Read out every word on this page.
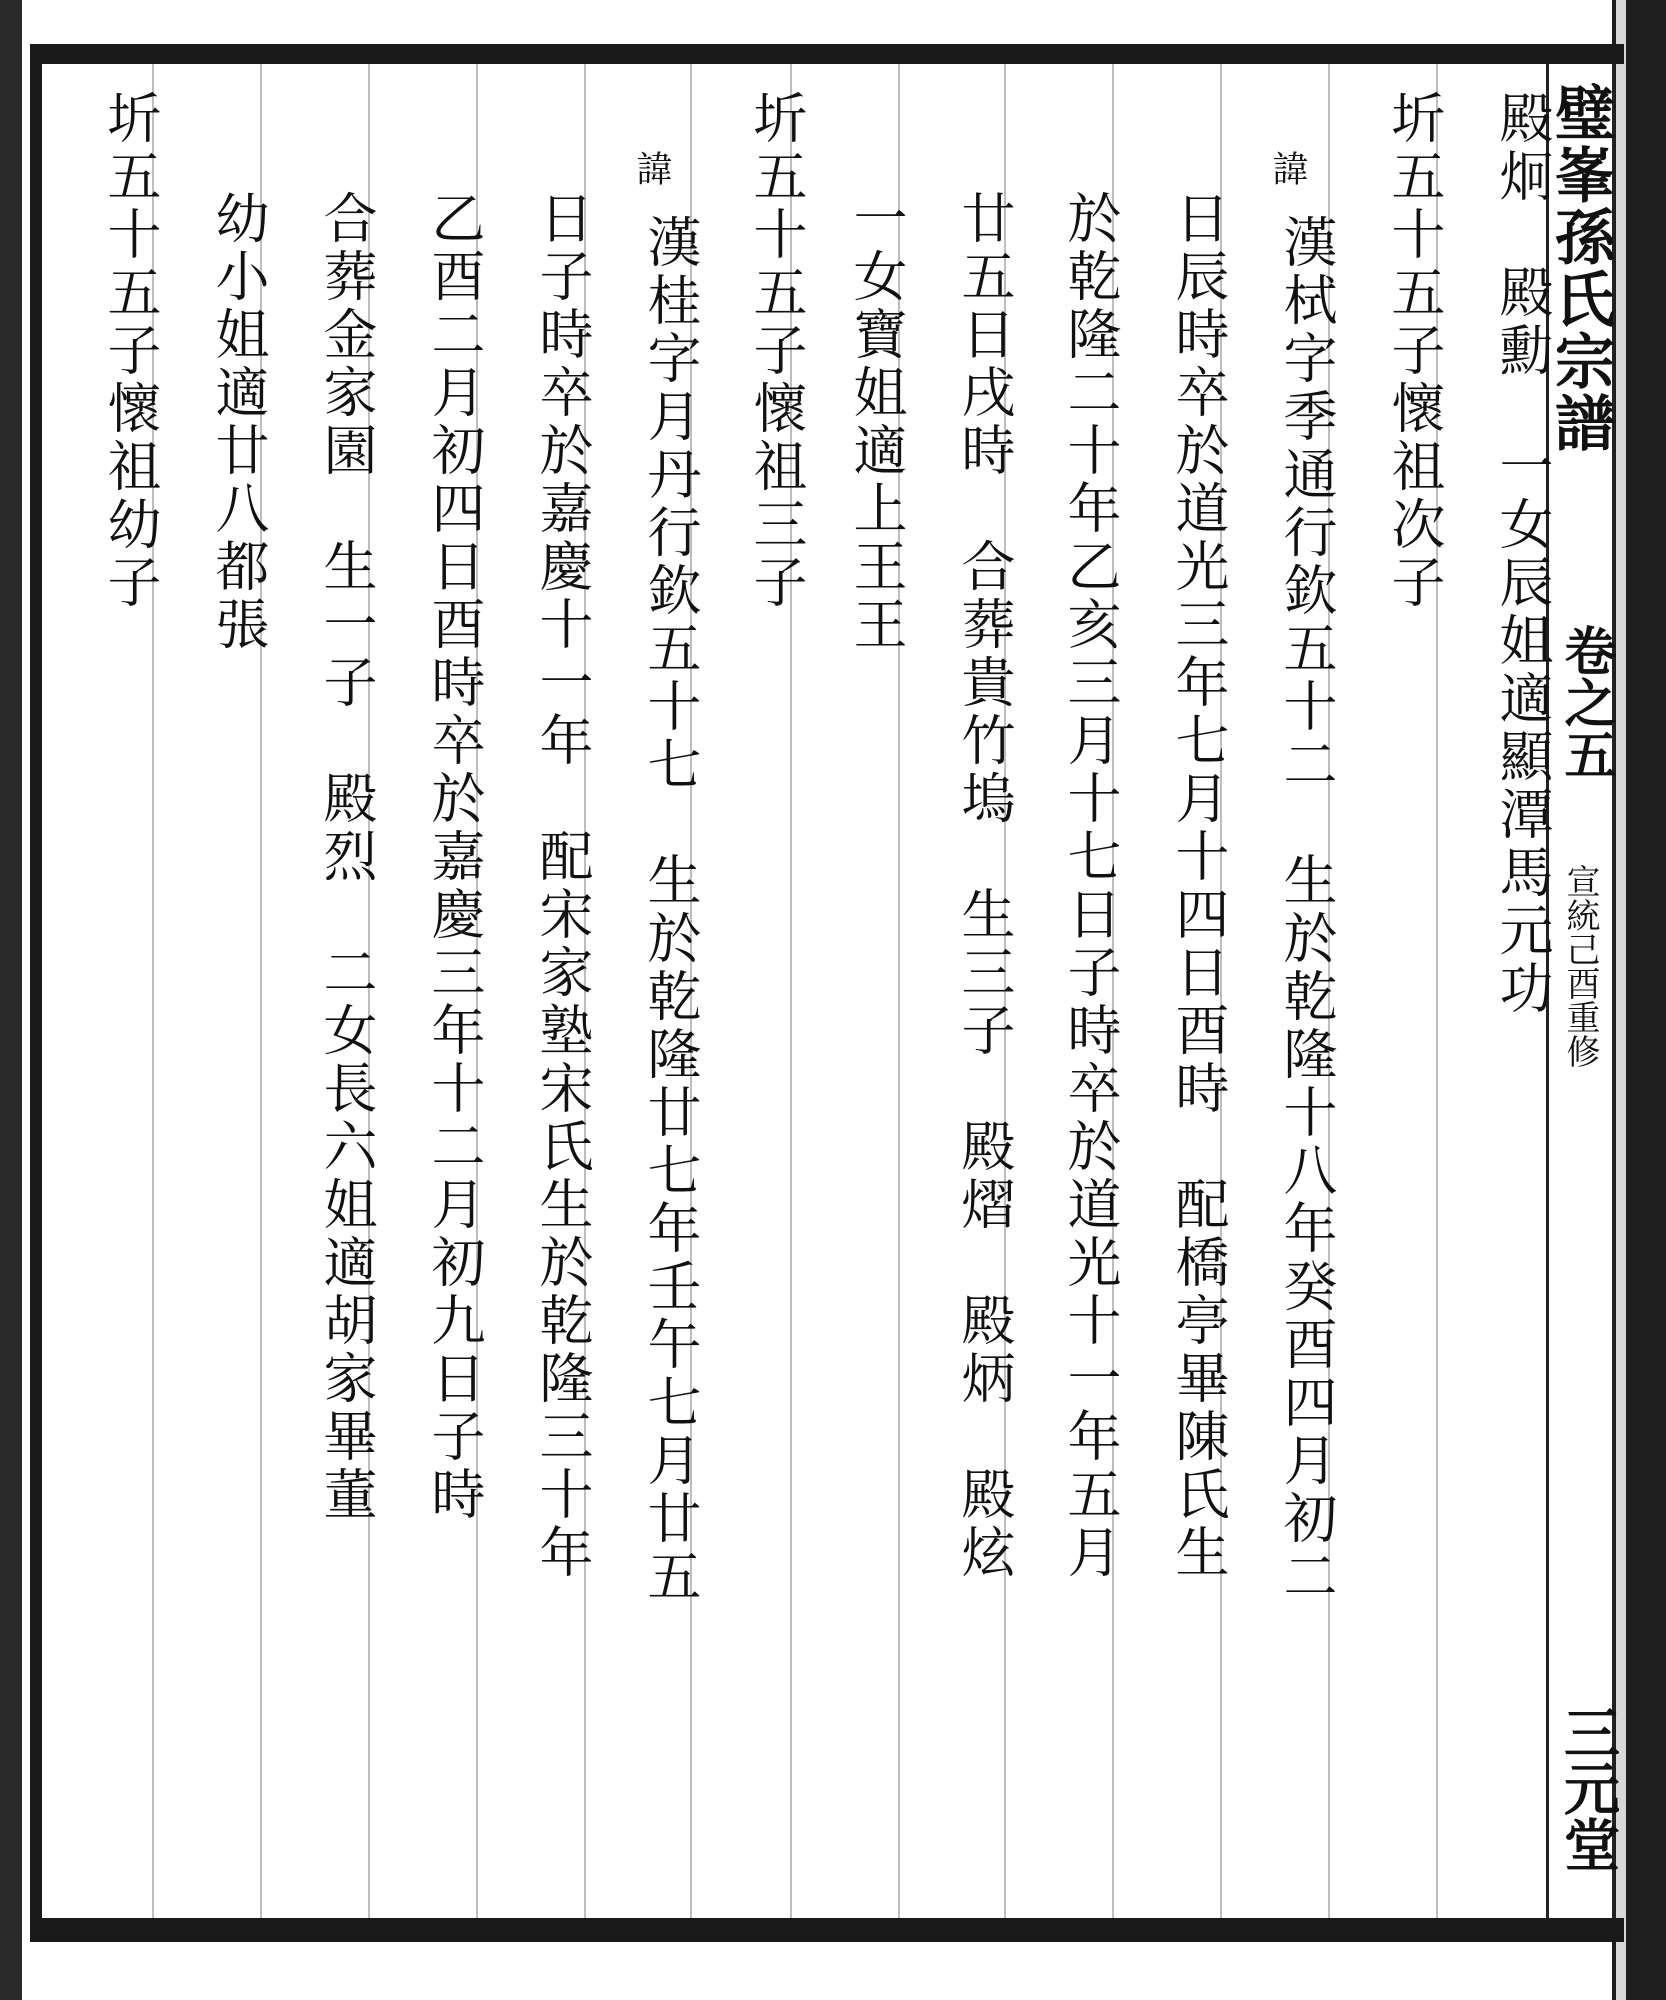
殿炯　殿勳　一女辰姐適顯潭馬元功
圻五十五子懷祖次子
諱
漢栻字季通行欽五十二　生於乾隆十八年癸酉四月初二
日辰時卒於道光三年七月十四日酉時　配橋亭畢陳氏生
於乾隆二十年乙亥三月十七日子時卒於道光十一年五月
廿五日戌時　合葬貴竹塢　生三子　殿熠　殿炳　殿炫
一女寶姐適上王王
圻五十五子懷祖三子
諱
漢桂字月丹行欽五十七　生於乾隆廿七年壬午七月廿五
日子時卒於嘉慶十一年　配宋家塾宋氏生於乾隆三十年
乙酉二月初四日酉時卒於嘉慶三年十二月初九日子時
合葬金家園　生一子　殿烈　二女長六姐適胡家畢董
幼小姐適廿八都張
圻五十五子懷祖幼子	璧峯孫氏宗譜
卷之五
宣統己酉重修
三元堂
